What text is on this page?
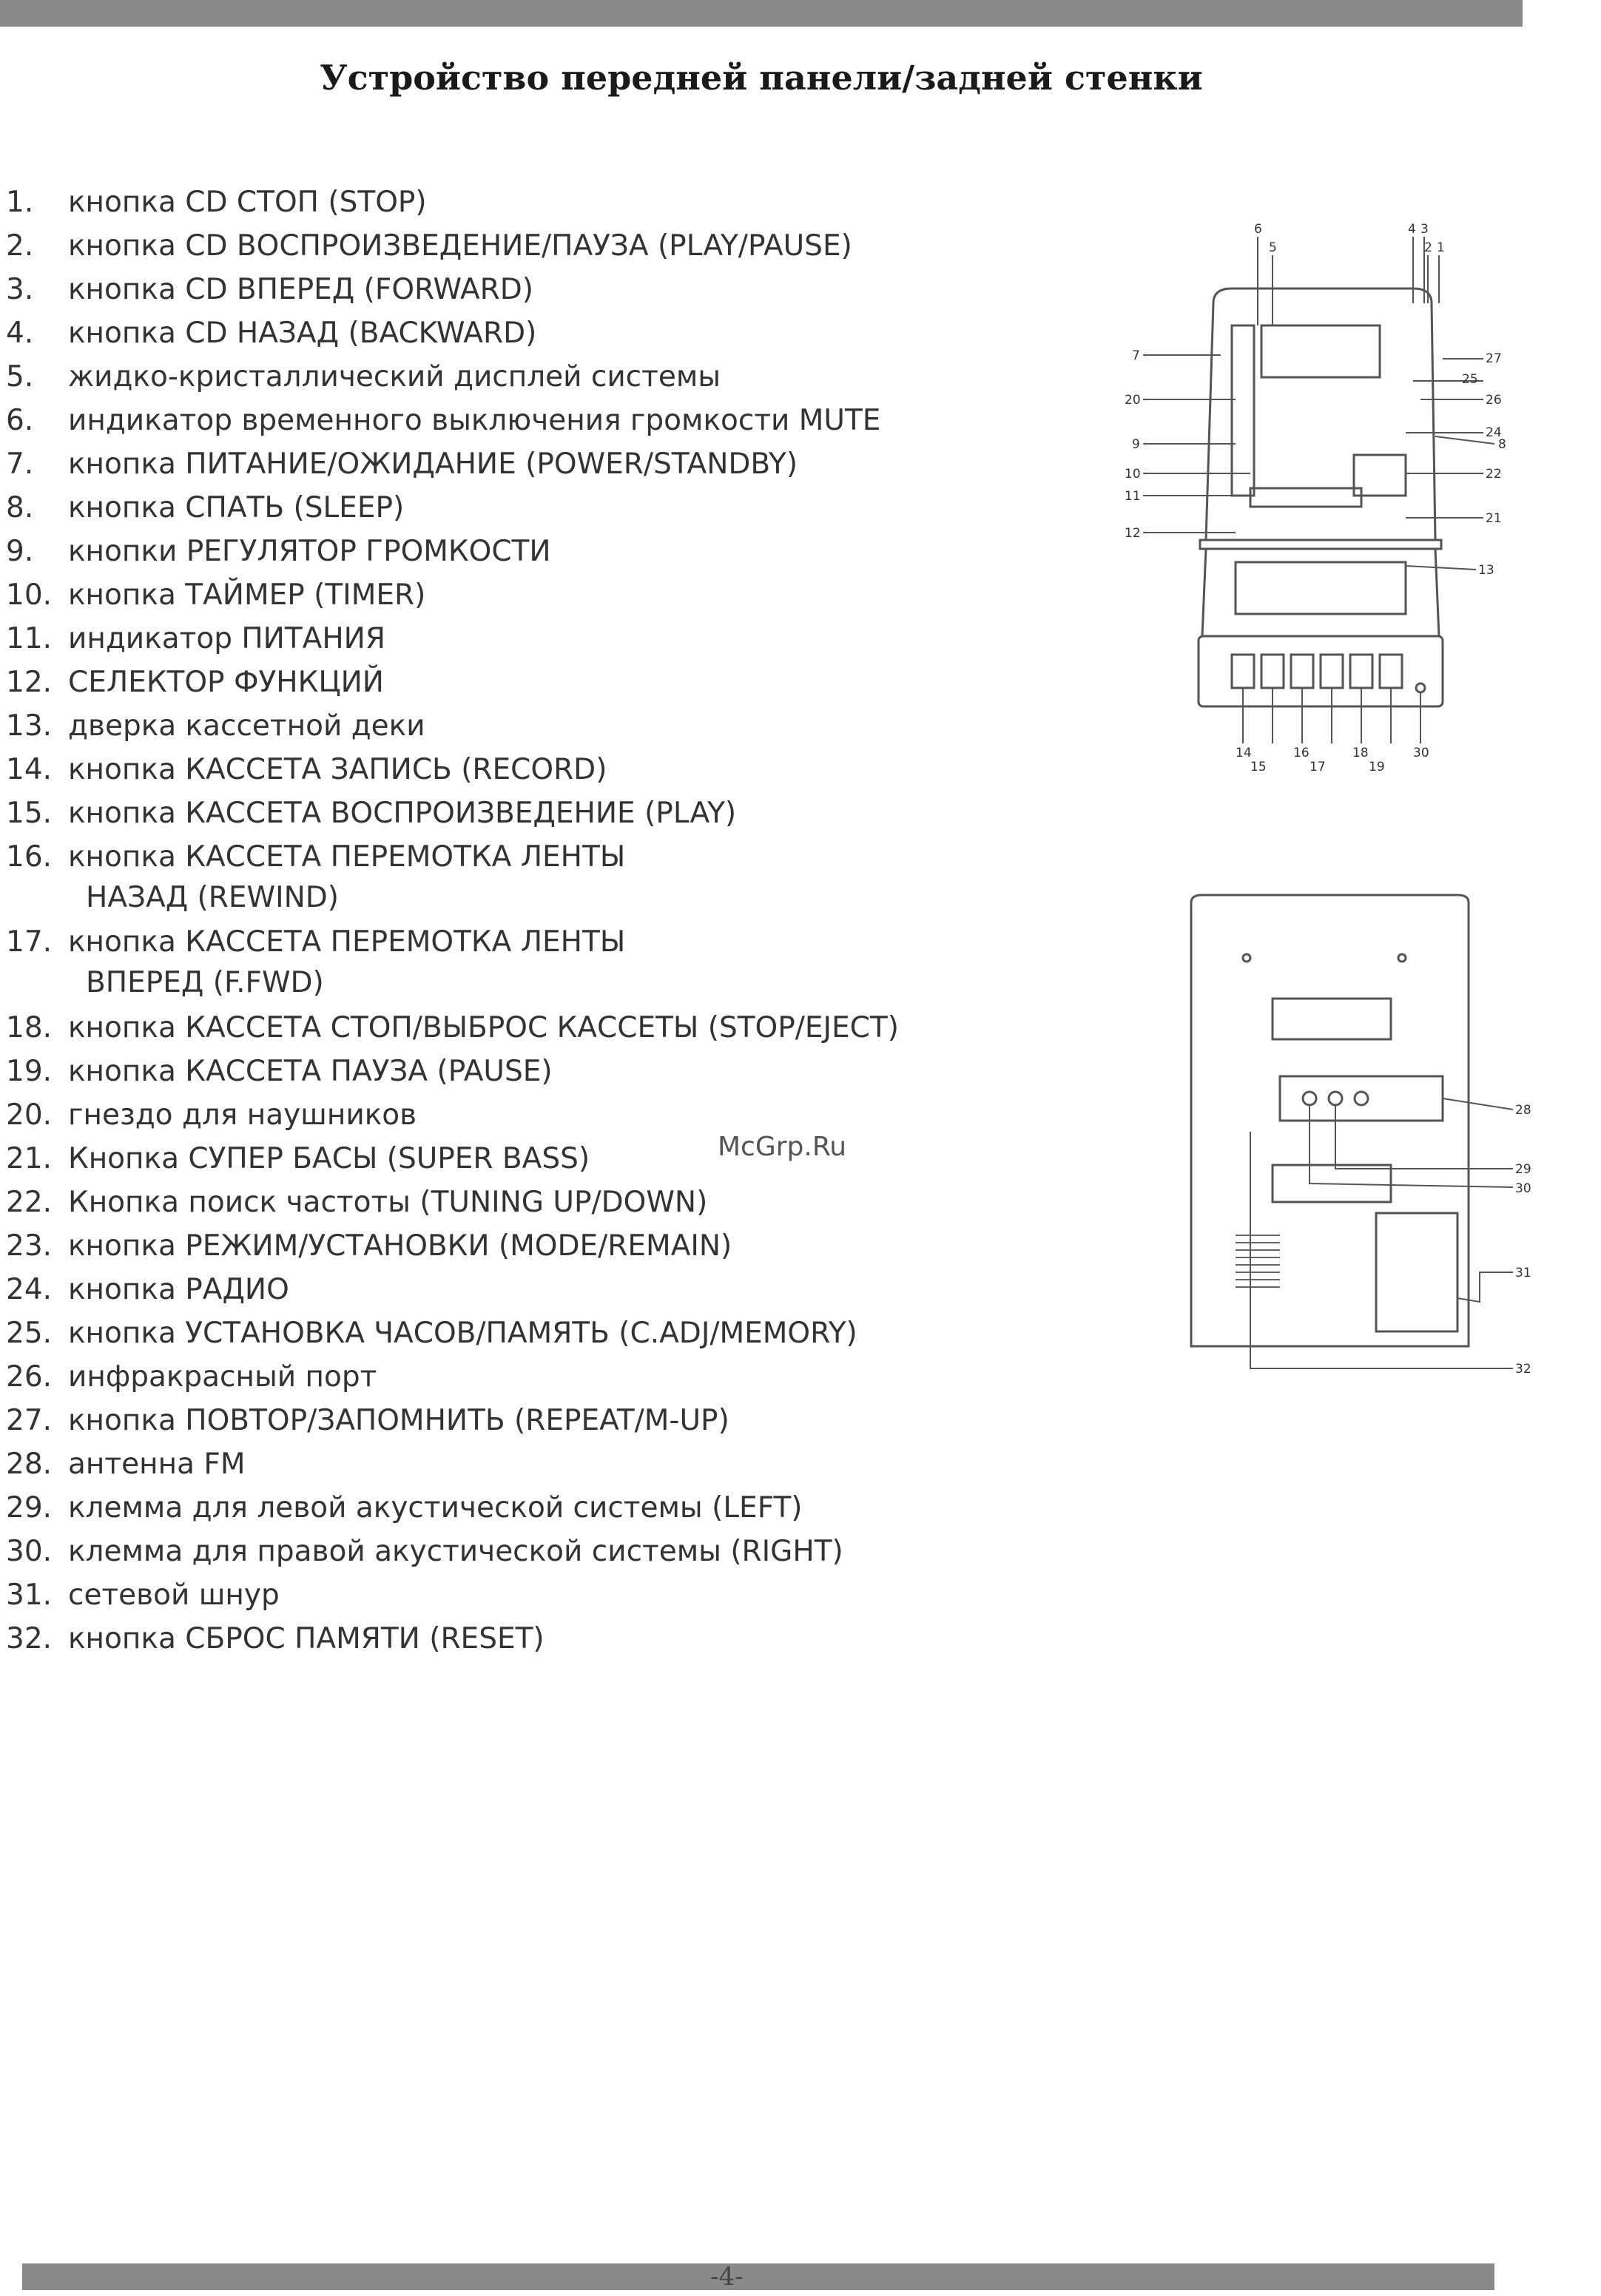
Устройство передней панели/задней стенки
1. кнопка CD СТОП (STOP)
2. кнопка CD ВОСПРОИЗВЕДЕНИЕ/ПАУЗА (PLAY/PAUSE)
3. кнопка CD ВПЕРЕД (FORWARD)
4. кнопка CD НАЗАД (BACKWARD)
5. жидко-кристаллический дисплей системы
6. индикатор временного выключения громкости MUTE
7. кнопка ПИТАНИЕ/ОЖИДАНИЕ (POWER/STANDBY)
8. кнопка СПАТЬ (SLEEP)
9. кнопки РЕГУЛЯТОР ГРОМКОСТИ
10. кнопка ТАЙМЕР (TIMER)
11. индикатор ПИТАНИЯ
12. СЕЛЕКТОР ФУНКЦИЙ
13. дверка кассетной деки
14. кнопка КАССЕТА ЗАПИСЬ (RECORD)
15. кнопка КАССЕТА ВОСПРОИЗВЕДЕНИЕ (PLAY)
16. кнопка КАССЕТА ПЕРЕМОТКА ЛЕНТЫ
НАЗАД (REWIND)
17. кнопка КАССЕТА ПЕРЕМОТКА ЛЕНТЫ
ВПЕРЕД (F.FWD)
18. кнопка КАССЕТА СТОП/ВЫБРОС КАССЕТЫ (STOP/EJECT)
19. кнопка КАССЕТА ПАУЗА (PAUSE)
20. гнездо для наушников
21. Кнопка СУПЕР БАСЫ (SUPER BASS)
22. Кнопка поиск частоты (TUNING UP/DOWN)
23. кнопка РЕЖИМ/УСТАНОВКИ (MODE/REMAIN)
24. кнопка РАДИО
25. кнопка УСТАНОВКА ЧАСОВ/ПАМЯТЬ (C.ADJ/MEMORY)
26. инфракрасный порт
27. кнопка ПОВТОР/ЗАПОМНИТЬ (REPEAT/M-UP)
28. антенна FM
29. клемма для левой акустической системы (LEFT)
30. клемма для правой акустической системы (RIGHT)
31. сетевой шнур
32. кнопка СБРОС ПАМЯТИ (RESET)
McGrp.Ru
7
20
9
10
11
12
6
5
4 3
2 1
27
25
26
24
8
22
21
13
14
15
16
17
18
19
30
28
29
30
31
32
-4-
